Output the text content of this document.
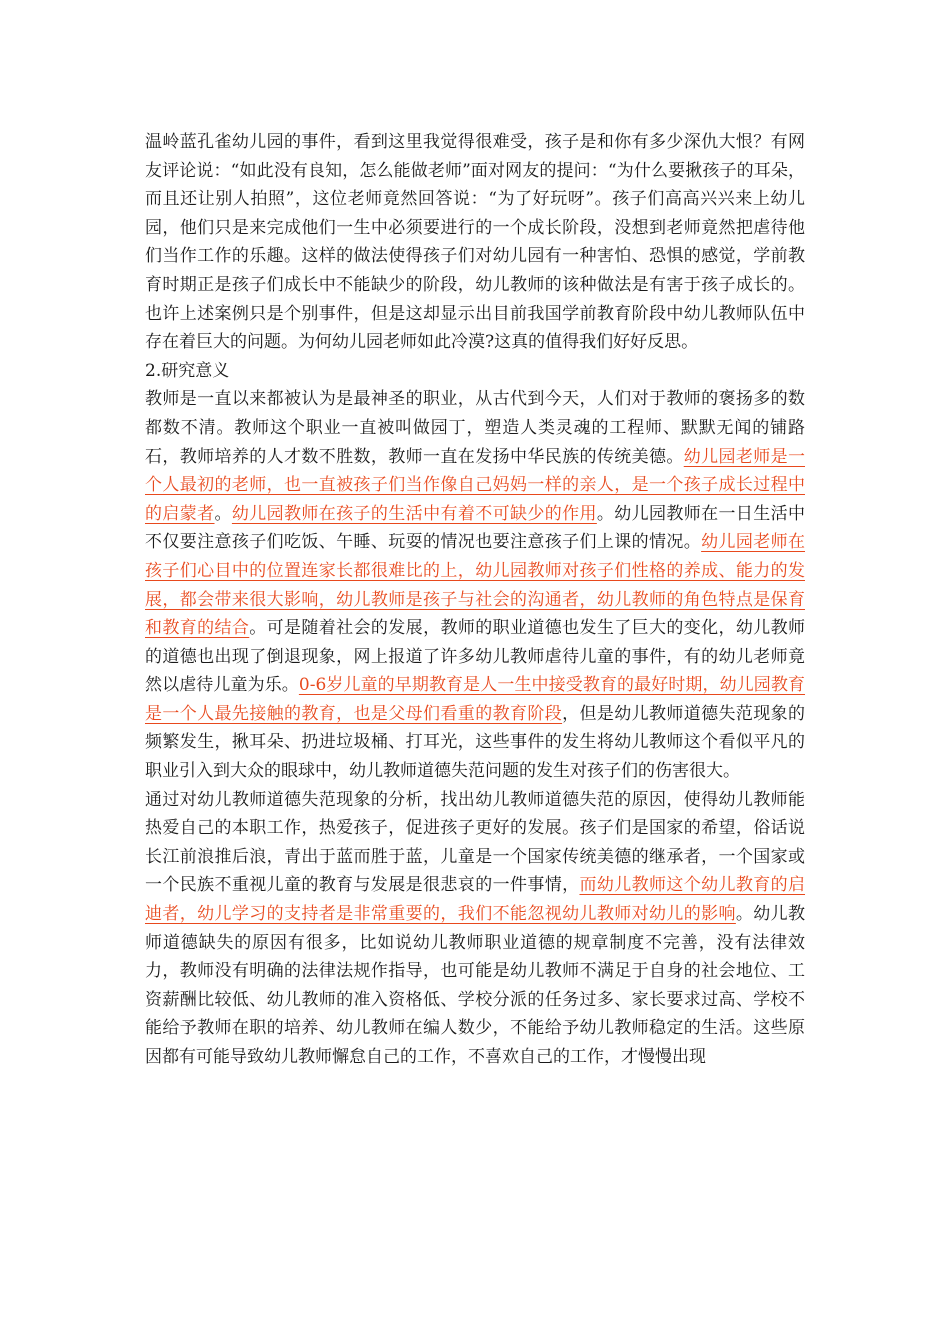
温岭蓝孔雀幼儿园的事件，看到这里我觉得很难受，孩子是和你有多少深仇大恨？有网友评论说：“如此没有良知，怎么能做老师”面对网友的提问：“为什么要揪孩子的耳朵，而且还让别人拍照”，这位老师竟然回答说：“为了好玩呀”。孩子们高高兴兴来上幼儿园，他们只是来完成他们一生中必须要进行的一个成长阶段，没想到老师竟然把虐待他们当作工作的乐趣。这样的做法使得孩子们对幼儿园有一种害怕、恐惧的感觉，学前教育时期正是孩子们成长中不能缺少的阶段，幼儿教师的该种做法是有害于孩子成长的。也许上述案例只是个别事件，但是这却显示出目前我国学前教育阶段中幼儿教师队伍中存在着巨大的问题。为何幼儿园老师如此冷漠?这真的值得我们好好反思。

2.研究意义

教师是一直以来都被认为是最神圣的职业，从古代到今天，人们对于教师的褒扬多的数都数不清。教师这个职业一直被叫做园丁，塑造人类灵魂的工程师、默默无闻的铺路石，教师培养的人才数不胜数，教师一直在发扬中华民族的传统美德。幼儿园老师是一个人最初的老师，也一直被孩子们当作像自己妈妈一样的亲人，是一个孩子成长过程中的启蒙者。幼儿园教师在孩子的生活中有着不可缺少的作用。幼儿园教师在一日生活中不仅要注意孩子们吃饭、午睡、玩耍的情况也要注意孩子们上课的情况。幼儿园老师在孩子们心目中的位置连家长都很难比的上，幼儿园教师对孩子们性格的养成、能力的发展，都会带来很大影响，幼儿教师是孩子与社会的沟通者，幼儿教师的角色特点是保育和教育的结合。可是随着社会的发展，教师的职业道德也发生了巨大的变化，幼儿教师的道德也出现了倒退现象，网上报道了许多幼儿教师虐待儿童的事件，有的幼儿老师竟然以虐待儿童为乐。0-6岁儿童的早期教育是人一生中接受教育的最好时期，幼儿园教育是一个人最先接触的教育，也是父母们看重的教育阶段，但是幼儿教师道德失范现象的频繁发生，揪耳朵、扔进垃圾桶、打耳光，这些事件的发生将幼儿教师这个看似平凡的职业引入到大众的眼球中，幼儿教师道德失范问题的发生对孩子们的伤害很大。

通过对幼儿教师道德失范现象的分析，找出幼儿教师道德失范的原因，使得幼儿教师能热爱自己的本职工作，热爱孩子，促进孩子更好的发展。孩子们是国家的希望，俗话说长江前浪推后浪，青出于蓝而胜于蓝，儿童是一个国家传统美德的继承者，一个国家或一个民族不重视儿童的教育与发展是很悲哀的一件事情，而幼儿教师这个幼儿教育的启迪者，幼儿学习的支持者是非常重要的，我们不能忽视幼儿教师对幼儿的影响。幼儿教师道德缺失的原因有很多，比如说幼儿教师职业道德的规章制度不完善，没有法律效力，教师没有明确的法律法规作指导，也可能是幼儿教师不满足于自身的社会地位、工资薪酬比较低、幼儿教师的准入资格低、学校分派的任务过多、家长要求过高、学校不能给予教师在职的培养、幼儿教师在编人数少，不能给予幼儿教师稳定的生活。这些原因都有可能导致幼儿教师懈怠自己的工作，不喜欢自己的工作，才慢慢出现
